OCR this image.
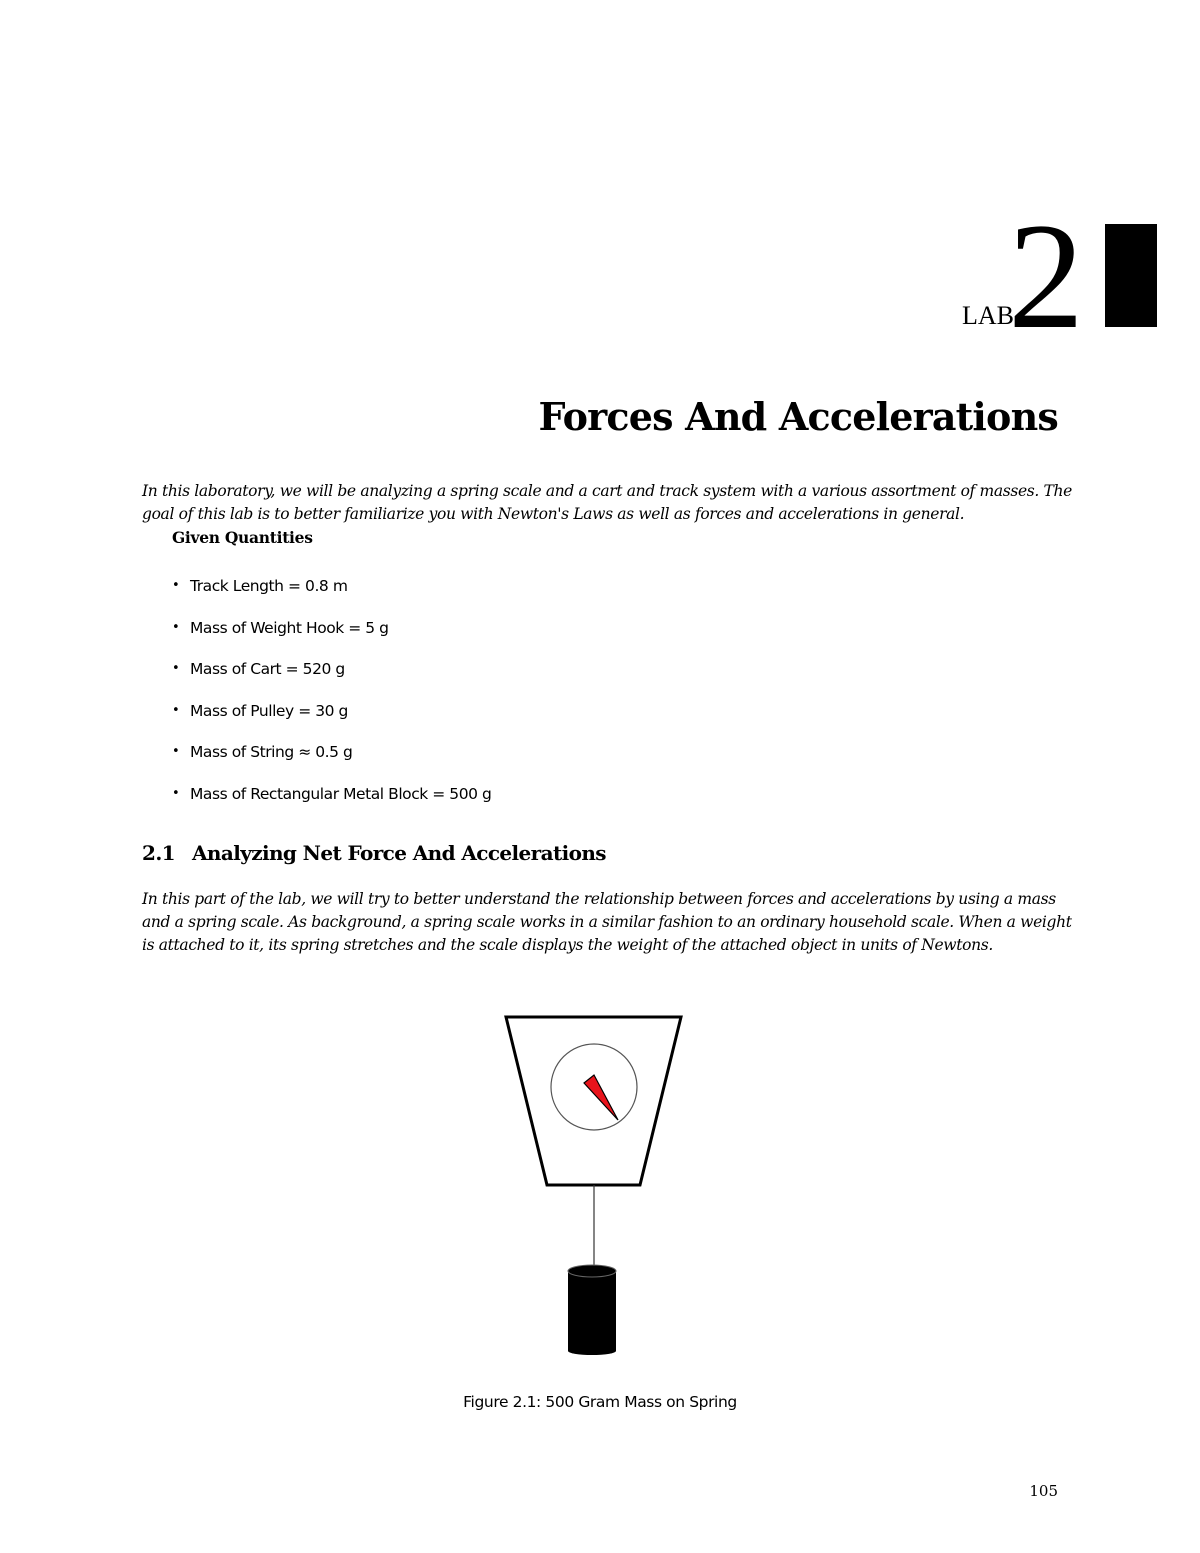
LAB
2
Forces And Accelerations

In this laboratory, we will be analyzing a spring scale and a cart and track system with a various assortment of masses. The goal of this lab is to better familiarize you with Newton's Laws as well as forces and accelerations in general.

Given Quantities
• Track Length = 0.8 m
• Mass of Weight Hook = 5 g
• Mass of Cart = 520 g
• Mass of Pulley = 30 g
• Mass of String ≈ 0.5 g
• Mass of Rectangular Metal Block = 500 g
2.1 Analyzing Net Force And Accelerations

In this part of the lab, we will try to better understand the relationship between forces and accelerations by using a mass and a spring scale. As background, a spring scale works in a similar fashion to an ordinary household scale. When a weight is attached to it, its spring stretches and the scale displays the weight of the attached object in units of Newtons.

Figure 2.1: 500 Gram Mass on Spring
105
